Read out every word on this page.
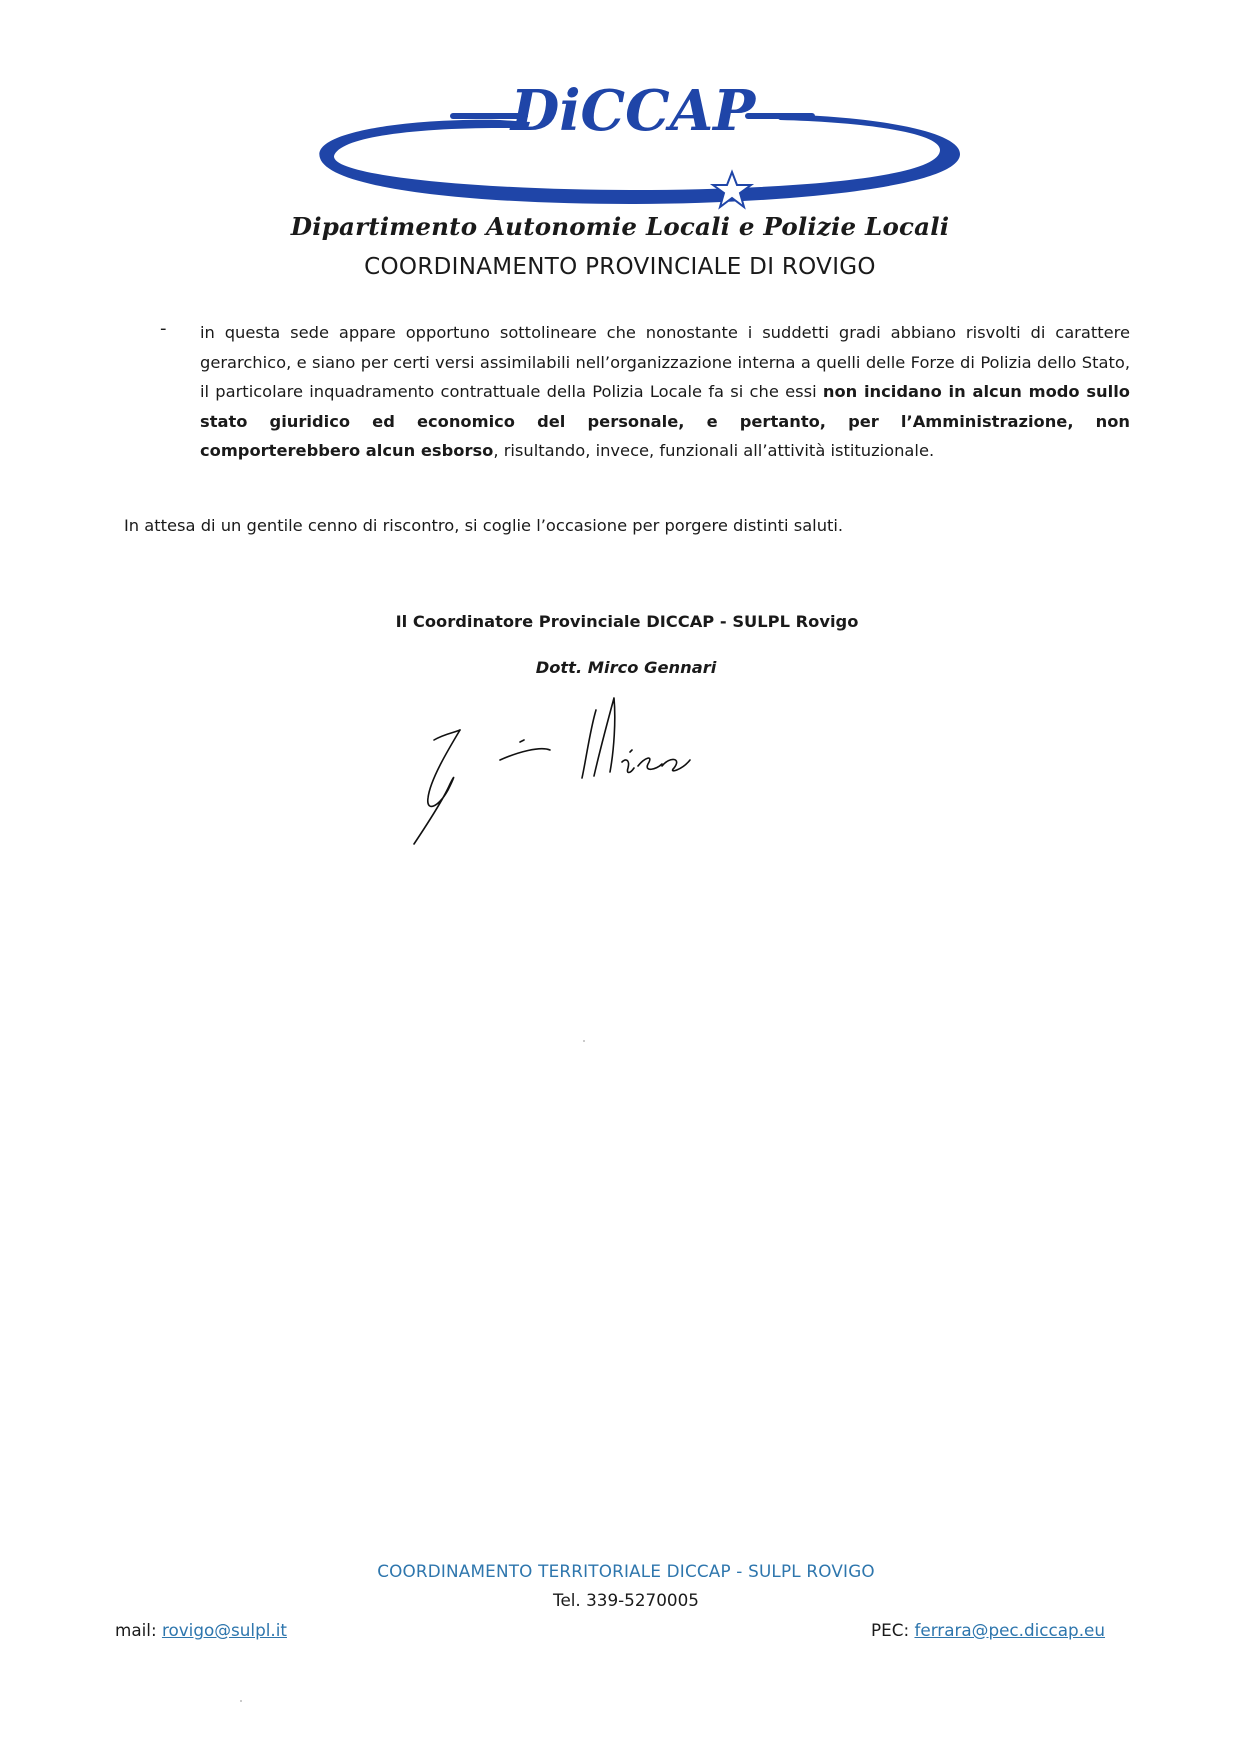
DiCCAP
Dipartimento Autonomie Locali e Polizie Locali
COORDINAMENTO PROVINCIALE DI ROVIGO
- in questa sede appare opportuno sottolineare che nonostante i suddetti gradi abbiano risvolti di carattere gerarchico, e siano per certi versi assimilabili nell’organizzazione interna a quelli delle Forze di Polizia dello Stato, il particolare inquadramento contrattuale della Polizia Locale fa si che essi non incidano in alcun modo sullo stato giuridico ed economico del personale, e pertanto, per l’Amministrazione, non comporterebbero alcun esborso, risultando, invece, funzionali all’attività istituzionale.
In attesa di un gentile cenno di riscontro, si coglie l’occasione per porgere distinti saluti.
Il Coordinatore Provinciale DICCAP - SULPL Rovigo
Dott. Mirco Gennari
COORDINAMENTO TERRITORIALE DICCAP - SULPL ROVIGO
Tel. 339-5270005
mail: rovigo@sulpl.it	PEC: ferrara@pec.diccap.eu
